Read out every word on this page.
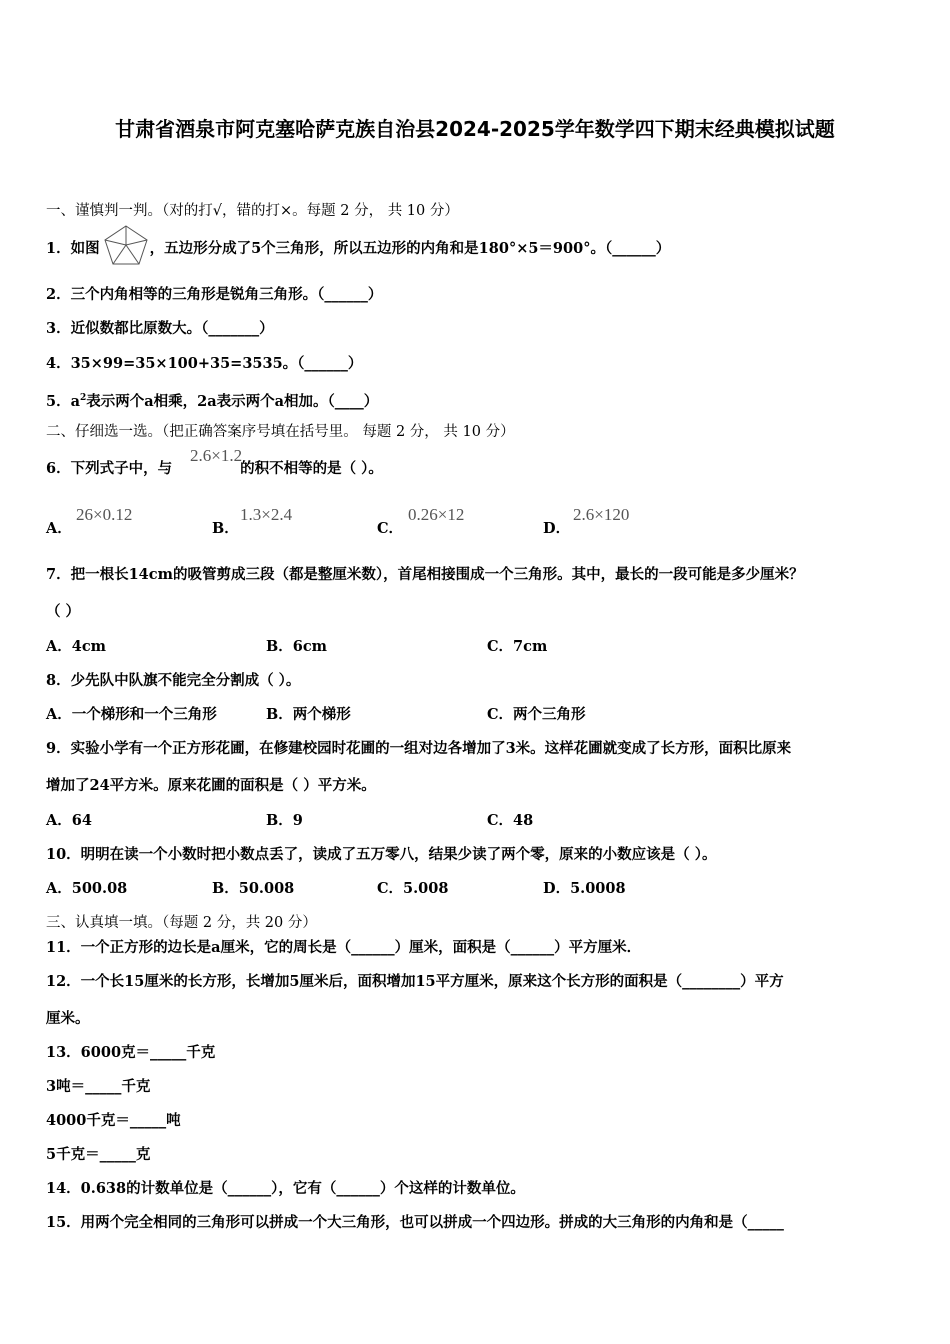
甘肃省酒泉市阿克塞哈萨克族自治县2024-2025学年数学四下期末经典模拟试题
一、谨慎判一判。（对的打√，错的打×。每题 2 分， 共 10 分）
1．如图	，五边形分成了5个三角形，所以五边形的内角和是180°×5＝900°。（______）
2．三个内角相等的三角形是锐角三角形。（______）
3．近似数都比原数大。（_______）
4．35×99=35×100+35=3535。（______）
5．$a^2$表示两个a相乘，2a表示两个a相加。（____）
二、仔细选一选。（把正确答案序号填在括号里。 每题 2 分， 共 10 分）
6．下列式子中，与	的积不相等的是（ ）。
2.6×1.2
A．
26×0.12
B．
1.3×2.4
C．
0.26×12
D．
2.6×120
7．把一根长14cm的吸管剪成三段（都是整厘米数），首尾相接围成一个三角形。其中，最长的一段可能是多少厘米？
（ ）
A．4cm	B．6cm	C．7cm
8．少先队中队旗不能完全分割成（ ）。
A．一个梯形和一个三角形	B．两个梯形	C．两个三角形
9．实验小学有一个正方形花圃，在修建校园时花圃的一组对边各增加了3米。这样花圃就变成了长方形，面积比原来
增加了24平方米。原来花圃的面积是（ ）平方米。
A．64	B．9	C．48
10．明明在读一个小数时把小数点丢了，读成了五万零八，结果少读了两个零，原来的小数应该是（ ）。
A．500.08	B．50.008	C．5.008	D．5.0008
三、认真填一填。（每题 2 分，共 20 分）
11．一个正方形的边长是a厘米，它的周长是（______）厘米，面积是（______）平方厘米．
12．一个长15厘米的长方形，长增加5厘米后，面积增加15平方厘米，原来这个长方形的面积是（________）平方
厘米。
13．6000克＝_____千克
3吨＝_____千克
4000千克＝_____吨
5千克＝_____克
14．0.638的计数单位是（______），它有（______）个这样的计数单位。
15．用两个完全相同的三角形可以拼成一个大三角形，也可以拼成一个四边形。拼成的大三角形的内角和是（_____
